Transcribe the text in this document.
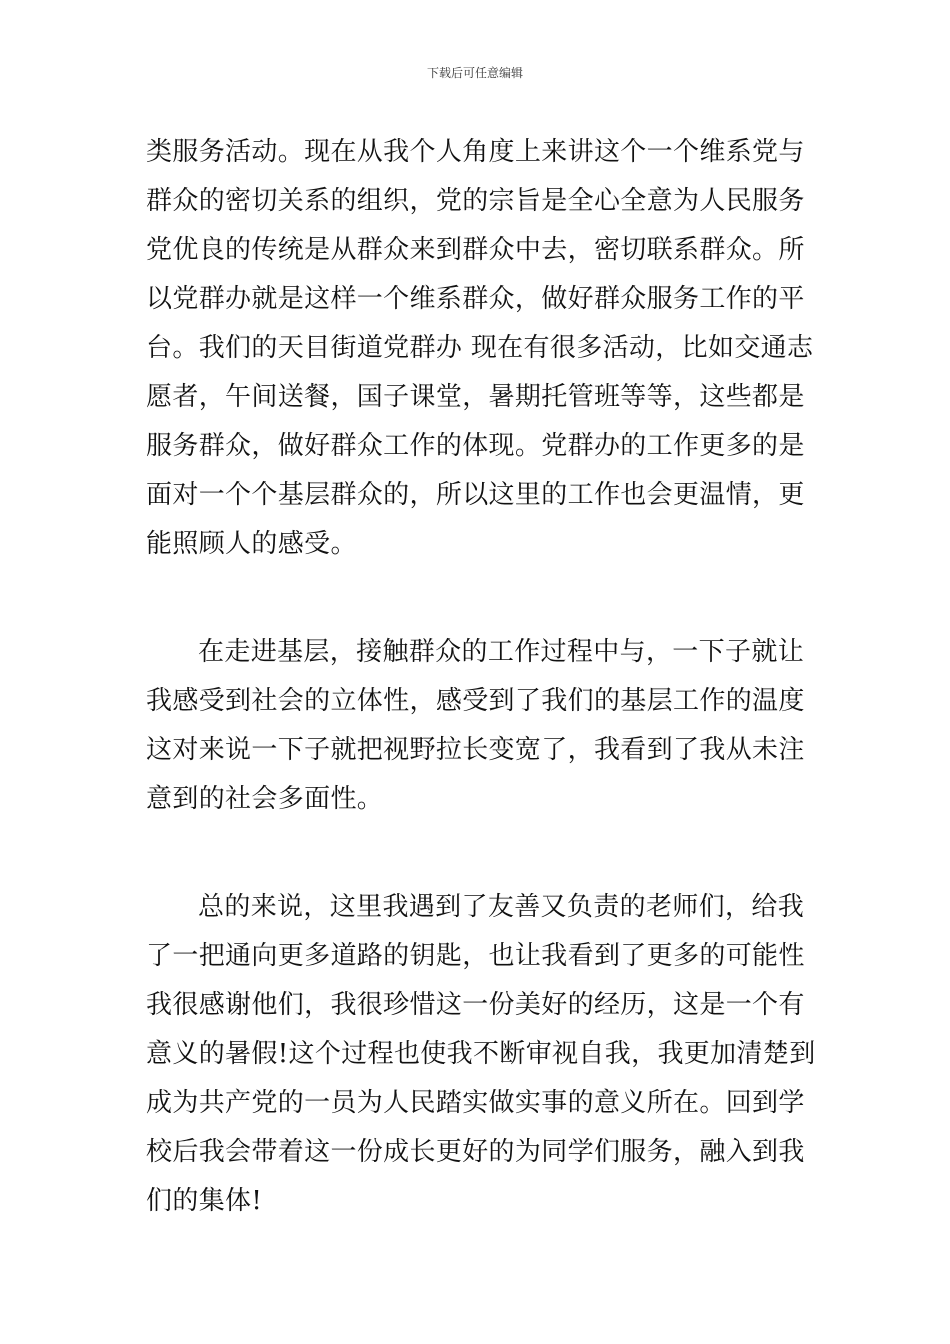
下载后可任意编辑
类服务活动。现在从我个人角度上来讲这个一个维系党与
群众的密切关系的组织，党的宗旨是全心全意为人民服务
党优良的传统是从群众来到群众中去，密切联系群众。所
以党群办就是这样一个维系群众，做好群众服务工作的平
台。我们的天目街道党群办 现在有很多活动，比如交通志
愿者，午间送餐，国子课堂，暑期托管班等等，这些都是
服务群众，做好群众工作的体现。党群办的工作更多的是
面对一个个基层群众的，所以这里的工作也会更温情，更
能照顾人的感受。
在走进基层，接触群众的工作过程中与，一下子就让
我感受到社会的立体性，感受到了我们的基层工作的温度
这对来说一下子就把视野拉长变宽了，我看到了我从未注
意到的社会多面性。
总的来说，这里我遇到了友善又负责的老师们，给我
了一把通向更多道路的钥匙，也让我看到了更多的可能性
我很感谢他们，我很珍惜这一份美好的经历，这是一个有
意义的暑假!这个过程也使我不断审视自我，我更加清楚到
成为共产党的一员为人民踏实做实事的意义所在。回到学
校后我会带着这一份成长更好的为同学们服务，融入到我
们的集体!
